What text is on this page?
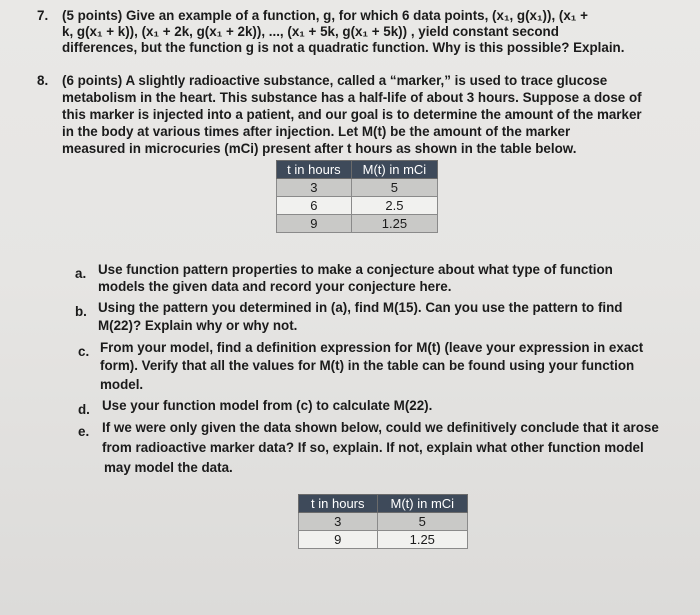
7. (5 points) Give an example of a function, g, for which 6 data points, (x₁, g(x₁)), (x₁ +
k, g(x₁ + k)), (x₁ + 2k, g(x₁ + 2k)), ..., (x₁ + 5k, g(x₁ + 5k)) , yield constant second
differences, but the function g is not a quadratic function. Why is this possible? Explain.
8. (6 points) A slightly radioactive substance, called a “marker,” is used to trace glucose
metabolism in the heart. This substance has a half-life of about 3 hours. Suppose a dose of
this marker is injected into a patient, and our goal is to determine the amount of the marker
in the body at various times after injection. Let M(t) be the amount of the marker
measured in microcuries (mCi) present after t hours as shown in the table below.
t in hours	M(t) in mCi
3	5
6	2.5
9	1.25
a. Use function pattern properties to make a conjecture about what type of function
models the given data and record your conjecture here.
b. Using the pattern you determined in (a), find M(15). Can you use the pattern to find
M(22)? Explain why or why not.
c. From your model, find a definition expression for M(t) (leave your expression in exact
form). Verify that all the values for M(t) in the table can be found using your function
model.
d. Use your function model from (c) to calculate M(22).
e. If we were only given the data shown below, could we definitively conclude that it arose
from radioactive marker data? If so, explain. If not, explain what other function model
may model the data.
t in hours	M(t) in mCi
3	5
9	1.25
